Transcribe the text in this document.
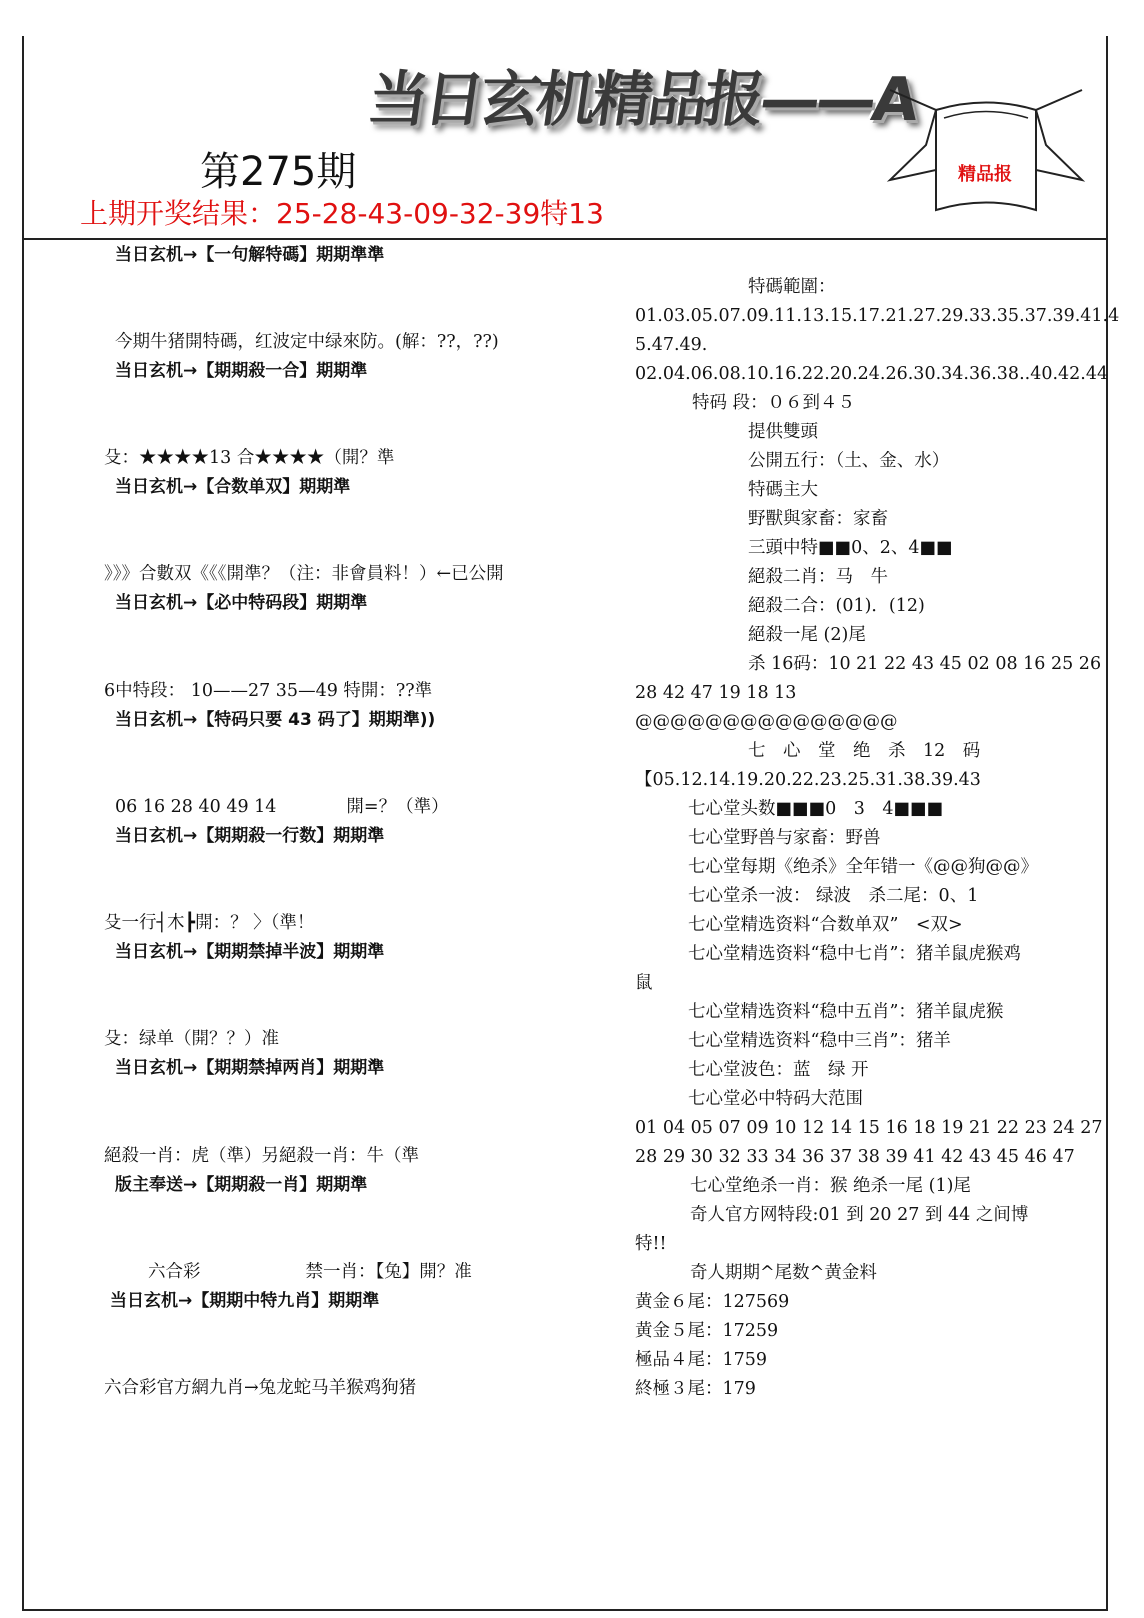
当日玄机精品报——A
精品报
第275期
上期开奖结果：25-28-43-09-32-39特13
当日玄机→【一句解特碼】期期準準
今期牛猪開特碼，红波定中绿來防。(解：??，??)
当日玄机→【期期殺一合】期期準
殳：★★★★13 合★★★★（開？準
当日玄机→【合数单双】期期準
》》》合數双《《《開準？（注：非會員料！）←已公開
当日玄机→【必中特码段】期期準
6中特段： 10——27 35—49 特開：??準
当日玄机→【特码只要 43 码了】期期準))
06 16 28 40 49 14　　　　開=？（準）
当日玄机→【期期殺一行数】期期準
殳一行┤木┣開：？ 〉（準！
当日玄机→【期期禁掉半波】期期準
殳：绿单（開？？）准
当日玄机→【期期禁掉两肖】期期準
絕殺一肖：虎（準）另絕殺一肖：牛（準
版主奉送→【期期殺一肖】期期準
六合彩　　　　　　禁一肖：【兔】開？准
当日玄机→【期期中特九肖】期期準
六合彩官方網九肖→兔龙蛇马羊猴鸡狗猪
特碼範圍：
01.03.05.07.09.11.13.15.17.21.27.29.33.35.37.39.41.4
5.47.49.
02.04.06.08.10.16.22.20.24.26.30.34.36.38..40.42.44
特码 段：０６到４５
提供雙頭
公開五行：（土、金、水）
特碼主大
野獸與家畜：家畜
三頭中特■■0、2、4■■
絕殺二肖：马　牛
絕殺二合：(01)．(12)
絕殺一尾 (2)尾
杀 16码：10 21 22 43 45 02 08 16 25 26
28 42 47 19 18 13
@@@@@@@@@@@@@@@
七　心　堂　绝　杀　12　码
【05.12.14.19.20.22.23.25.31.38.39.43
七心堂头数■■■0　3　4■■■
七心堂野兽与家畜：野兽
七心堂每期《绝杀》全年错一《@@狗@@》
七心堂杀一波： 绿波　杀二尾：0、1
七心堂精选资料“合数单双”　<双>
七心堂精选资料“稳中七肖”：猪羊鼠虎猴鸡
鼠
七心堂精选资料“稳中五肖”：猪羊鼠虎猴
七心堂精选资料“稳中三肖”：猪羊
七心堂波色：蓝　绿 开
七心堂必中特码大范围
01 04 05 07 09 10 12 14 15 16 18 19 21 22 23 24 27
28 29 30 32 33 34 36 37 38 39 41 42 43 45 46 47
七心堂绝杀一肖：猴 绝杀一尾 (1)尾
奇人官方网特段:01 到 20 27 到 44 之间博
特!!
奇人期期^尾数^黄金料
黄金６尾：127569
黄金５尾：17259
極品４尾：1759
終極３尾：179
